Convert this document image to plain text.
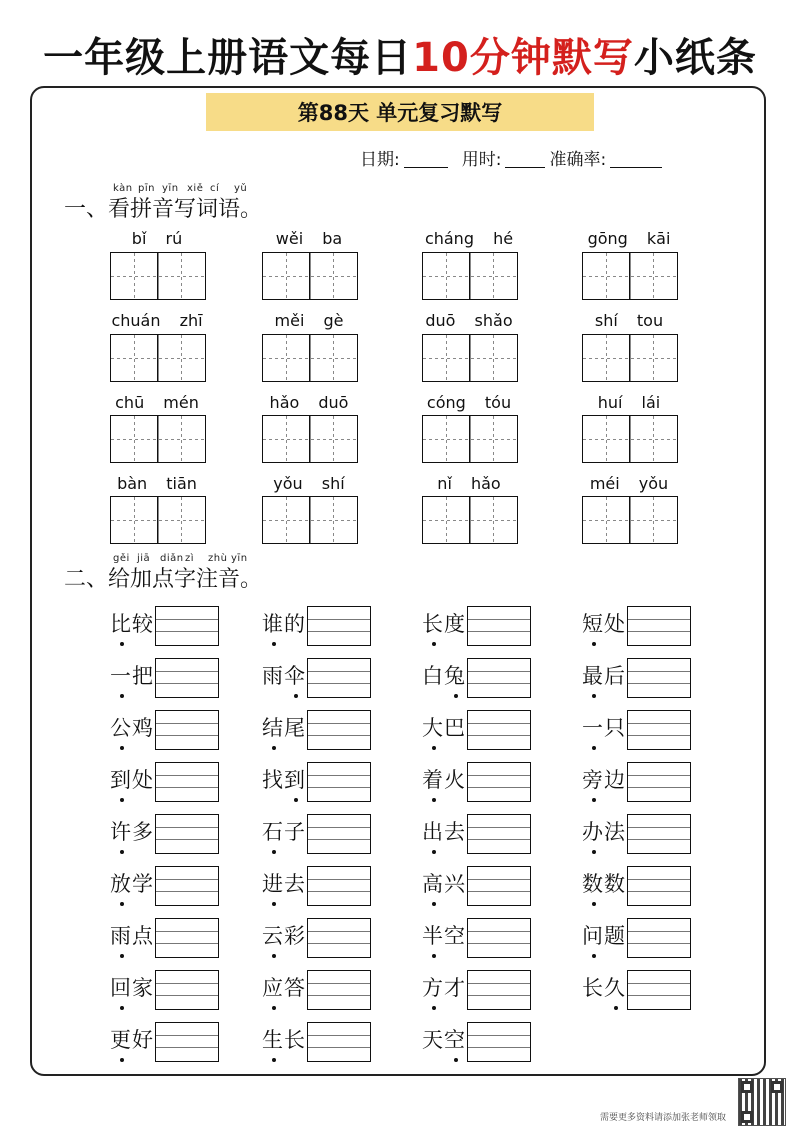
一年级上册语文每日10分钟默写小纸条
第88天 单元复习默写
日期:	用时:	准确率:
一、看拼音写词语。
kàn pīn yīn xiě cí yǔ
bǐ rú	wěi ba	cháng hé	gōng kāi
chuán zhī	měi gè	duō shǎo	shí tou
chū mén	hǎo duō	cóng tóu	huí lái
bàn tiān	yǒu shí	nǐ hǎo	méi yǒu
二、给加点字注音。
gěi jiā diǎn zì zhù yīn
比较	谁的	长度	短处
一把	雨伞	白兔	最后
公鸡	结尾	大巴	一只
到处	找到	着火	旁边
许多	石子	出去	办法
放学	进去	高兴	数数
雨点	云彩	半空	问题
回家	应答	方才	长久
更好	生长	天空
需要更多资料请添加张老师领取
